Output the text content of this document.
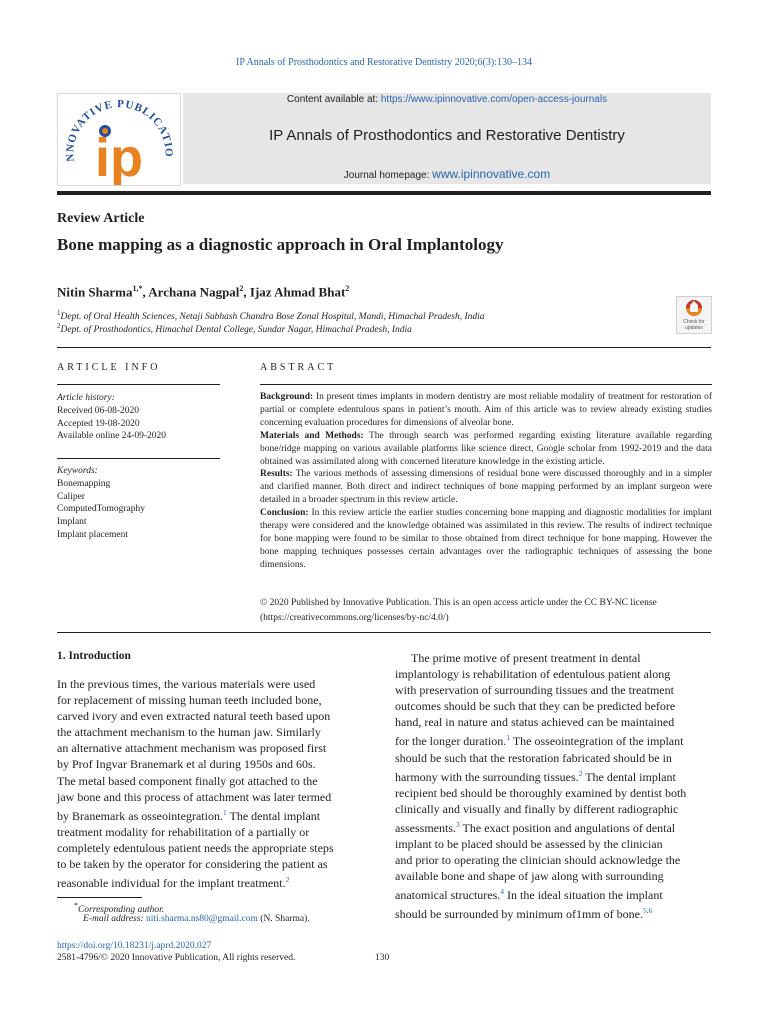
IP Annals of Prosthodontics and Restorative Dentistry 2020;6(3):130–134
NNOVATIVE PUBLICATIO
ip
Content available at: https://www.ipinnovative.com/open-access-journals
IP Annals of Prosthodontics and Restorative Dentistry
Journal homepage: www.ipinnovative.com
Review Article
Bone mapping as a diagnostic approach in Oral Implantology
Nitin Sharma$^{1,*}$, Archana Nagpal$^2$, Ijaz Ahmad Bhat$^2$
$^1$Dept. of Oral Health Sciences, Netaji Subhash Chandra Bose Zonal Hospital, Mandi, Himachal Pradesh, India
$^2$Dept. of Prosthodontics, Himachal Dental College, Sundar Nagar, Himachal Pradesh, India
Check for
updates
ARTICLE INFO	ABSTRACT
Article history:
Received 06-08-2020
Accepted 19-08-2020
Available online 24-09-2020
Keywords:
Bonemapping
Caliper
ComputedTomography
Implant
Implant placement

Background: In present times implants in modern dentistry are most reliable modality of treatment for restoration of partial or complete edentulous spans in patient’s mouth. Aim of this article was to review already existing studies concerning evaluation procedures for dimensions of alveolar bone.

Materials and Methods: The through search was performed regarding existing literature available regarding bone/ridge mapping on various available platforms like science direct, Google scholar from 1992-2019 and the data obtained was assimilated along with concerned literature knowledge in the existing article.

Results: The various methods of assessing dimensions of residual bone were discussed thoroughly and in a simpler and clarified manner. Both direct and indirect techniques of bone mapping performed by an implant surgeon were detailed in a broader spectrum in this review article.

Conclusion: In this review article the earlier studies concerning bone mapping and diagnostic modalities for implant therapy were considered and the knowledge obtained was assimilated in this review. The results of indirect technique for bone mapping were found to be similar to those obtained from direct technique for bone mapping. However the bone mapping techniques possesses certain advantages over the radiographic techniques of assessing the bone dimensions.

© 2020 Published by Innovative Publication. This is an open access article under the CC BY-NC license
(https://creativecommons.org/licenses/by-nc/4.0/)
1. Introduction
In the previous times, the various materials were used
for replacement of missing human teeth included bone,
carved ivory and even extracted natural teeth based upon
the attachment mechanism to the human jaw. Similarly
an alternative attachment mechanism was proposed first
by Prof Ingvar Branemark et al during 1950s and 60s.
The metal based component finally got attached to the
jaw bone and this process of attachment was later termed
by Branemark as osseointegration.$^1$ The dental implant
treatment modality for rehabilitation of a partially or
completely edentulous patient needs the appropriate steps
to be taken by the operator for considering the patient as
reasonable individual for the implant treatment.$^2$
The prime motive of present treatment in dental
implantology is rehabilitation of edentulous patient along
with preservation of surrounding tissues and the treatment
outcomes should be such that they can be predicted before
hand, real in nature and status achieved can be maintained
for the longer duration.$^1$ The osseointegration of the implant
should be such that the restoration fabricated should be in
harmony with the surrounding tissues.$^2$ The dental implant
recipient bed should be thoroughly examined by dentist both
clinically and visually and finally by different radiographic
assessments.$^3$ The exact position and angulations of dental
implant to be placed should be assessed by the clinician
and prior to operating the clinician should acknowledge the
available bone and shape of jaw along with surrounding
anatomical structures.$^4$ In the ideal situation the implant
should be surrounded by minimum of1mm of bone.$^{5,6}$
*Corresponding author.
E-mail address: niti.sharma.ns80@gmail.com (N. Sharma).
https://doi.org/10.18231/j.aprd.2020.027
2581-4796/© 2020 Innovative Publication, All rights reserved.	130
